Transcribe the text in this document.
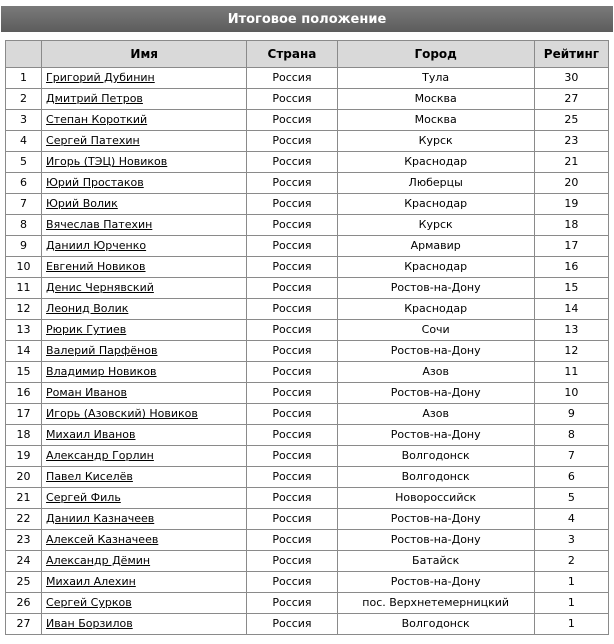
Итоговое положение
	Имя	Страна	Город	Рейтинг
1	Григорий Дубинин	Россия	Тула	30
2	Дмитрий Петров	Россия	Москва	27
3	Степан Короткий	Россия	Москва	25
4	Сергей Патехин	Россия	Курск	23
5	Игорь (ТЭЦ) Новиков	Россия	Краснодар	21
6	Юрий Простаков	Россия	Люберцы	20
7	Юрий Волик	Россия	Краснодар	19
8	Вячеслав Патехин	Россия	Курск	18
9	Даниил Юрченко	Россия	Армавир	17
10	Евгений Новиков	Россия	Краснодар	16
11	Денис Чернявский	Россия	Ростов-на-Дону	15
12	Леонид Волик	Россия	Краснодар	14
13	Рюрик Гутиев	Россия	Сочи	13
14	Валерий Парфёнов	Россия	Ростов-на-Дону	12
15	Владимир Новиков	Россия	Азов	11
16	Роман Иванов	Россия	Ростов-на-Дону	10
17	Игорь (Азовский) Новиков	Россия	Азов	9
18	Михаил Иванов	Россия	Ростов-на-Дону	8
19	Александр Горлин	Россия	Волгодонск	7
20	Павел Киселёв	Россия	Волгодонск	6
21	Сергей Филь	Россия	Новороссийск	5
22	Даниил Казначеев	Россия	Ростов-на-Дону	4
23	Алексей Казначеев	Россия	Ростов-на-Дону	3
24	Александр Дёмин	Россия	Батайск	2
25	Михаил Алехин	Россия	Ростов-на-Дону	1
26	Сергей Сурков	Россия	пос. Верхнетемерницкий	1
27	Иван Борзилов	Россия	Волгодонск	1
